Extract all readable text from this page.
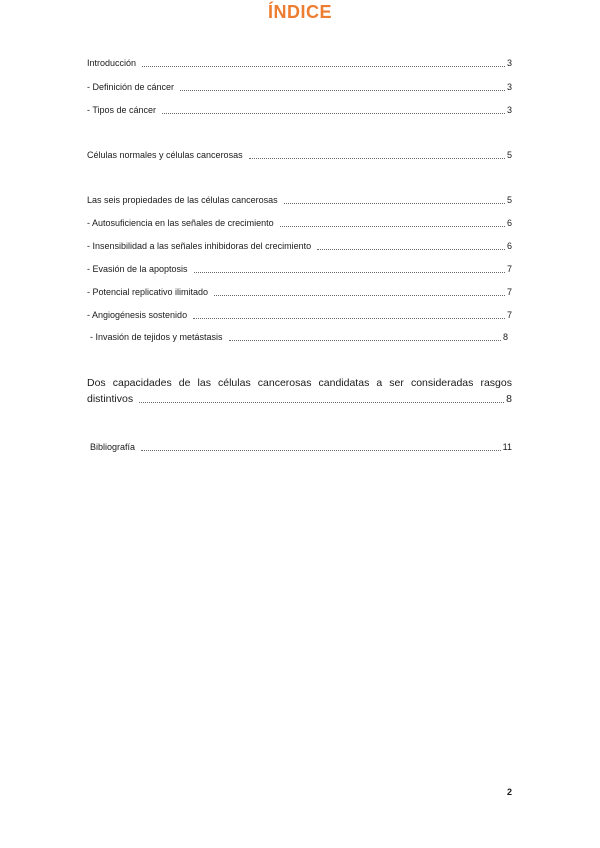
ÍNDICE
Introducción	3
- Definición de cáncer	3
- Tipos de cáncer	3
Células normales y células cancerosas	5
Las seis propiedades de las células cancerosas	5
- Autosuficiencia en las señales de crecimiento	6
- Insensibilidad a las señales inhibidoras del crecimiento	6
- Evasión de la apoptosis	7
- Potencial replicativo ilimitado	7
- Angiogénesis sostenido	7
- Invasión de tejidos y metástasis	8
Dos capacidades de las células cancerosas candidatas a ser consideradas rasgos
distintivos	8
Bibliografía	11
2
